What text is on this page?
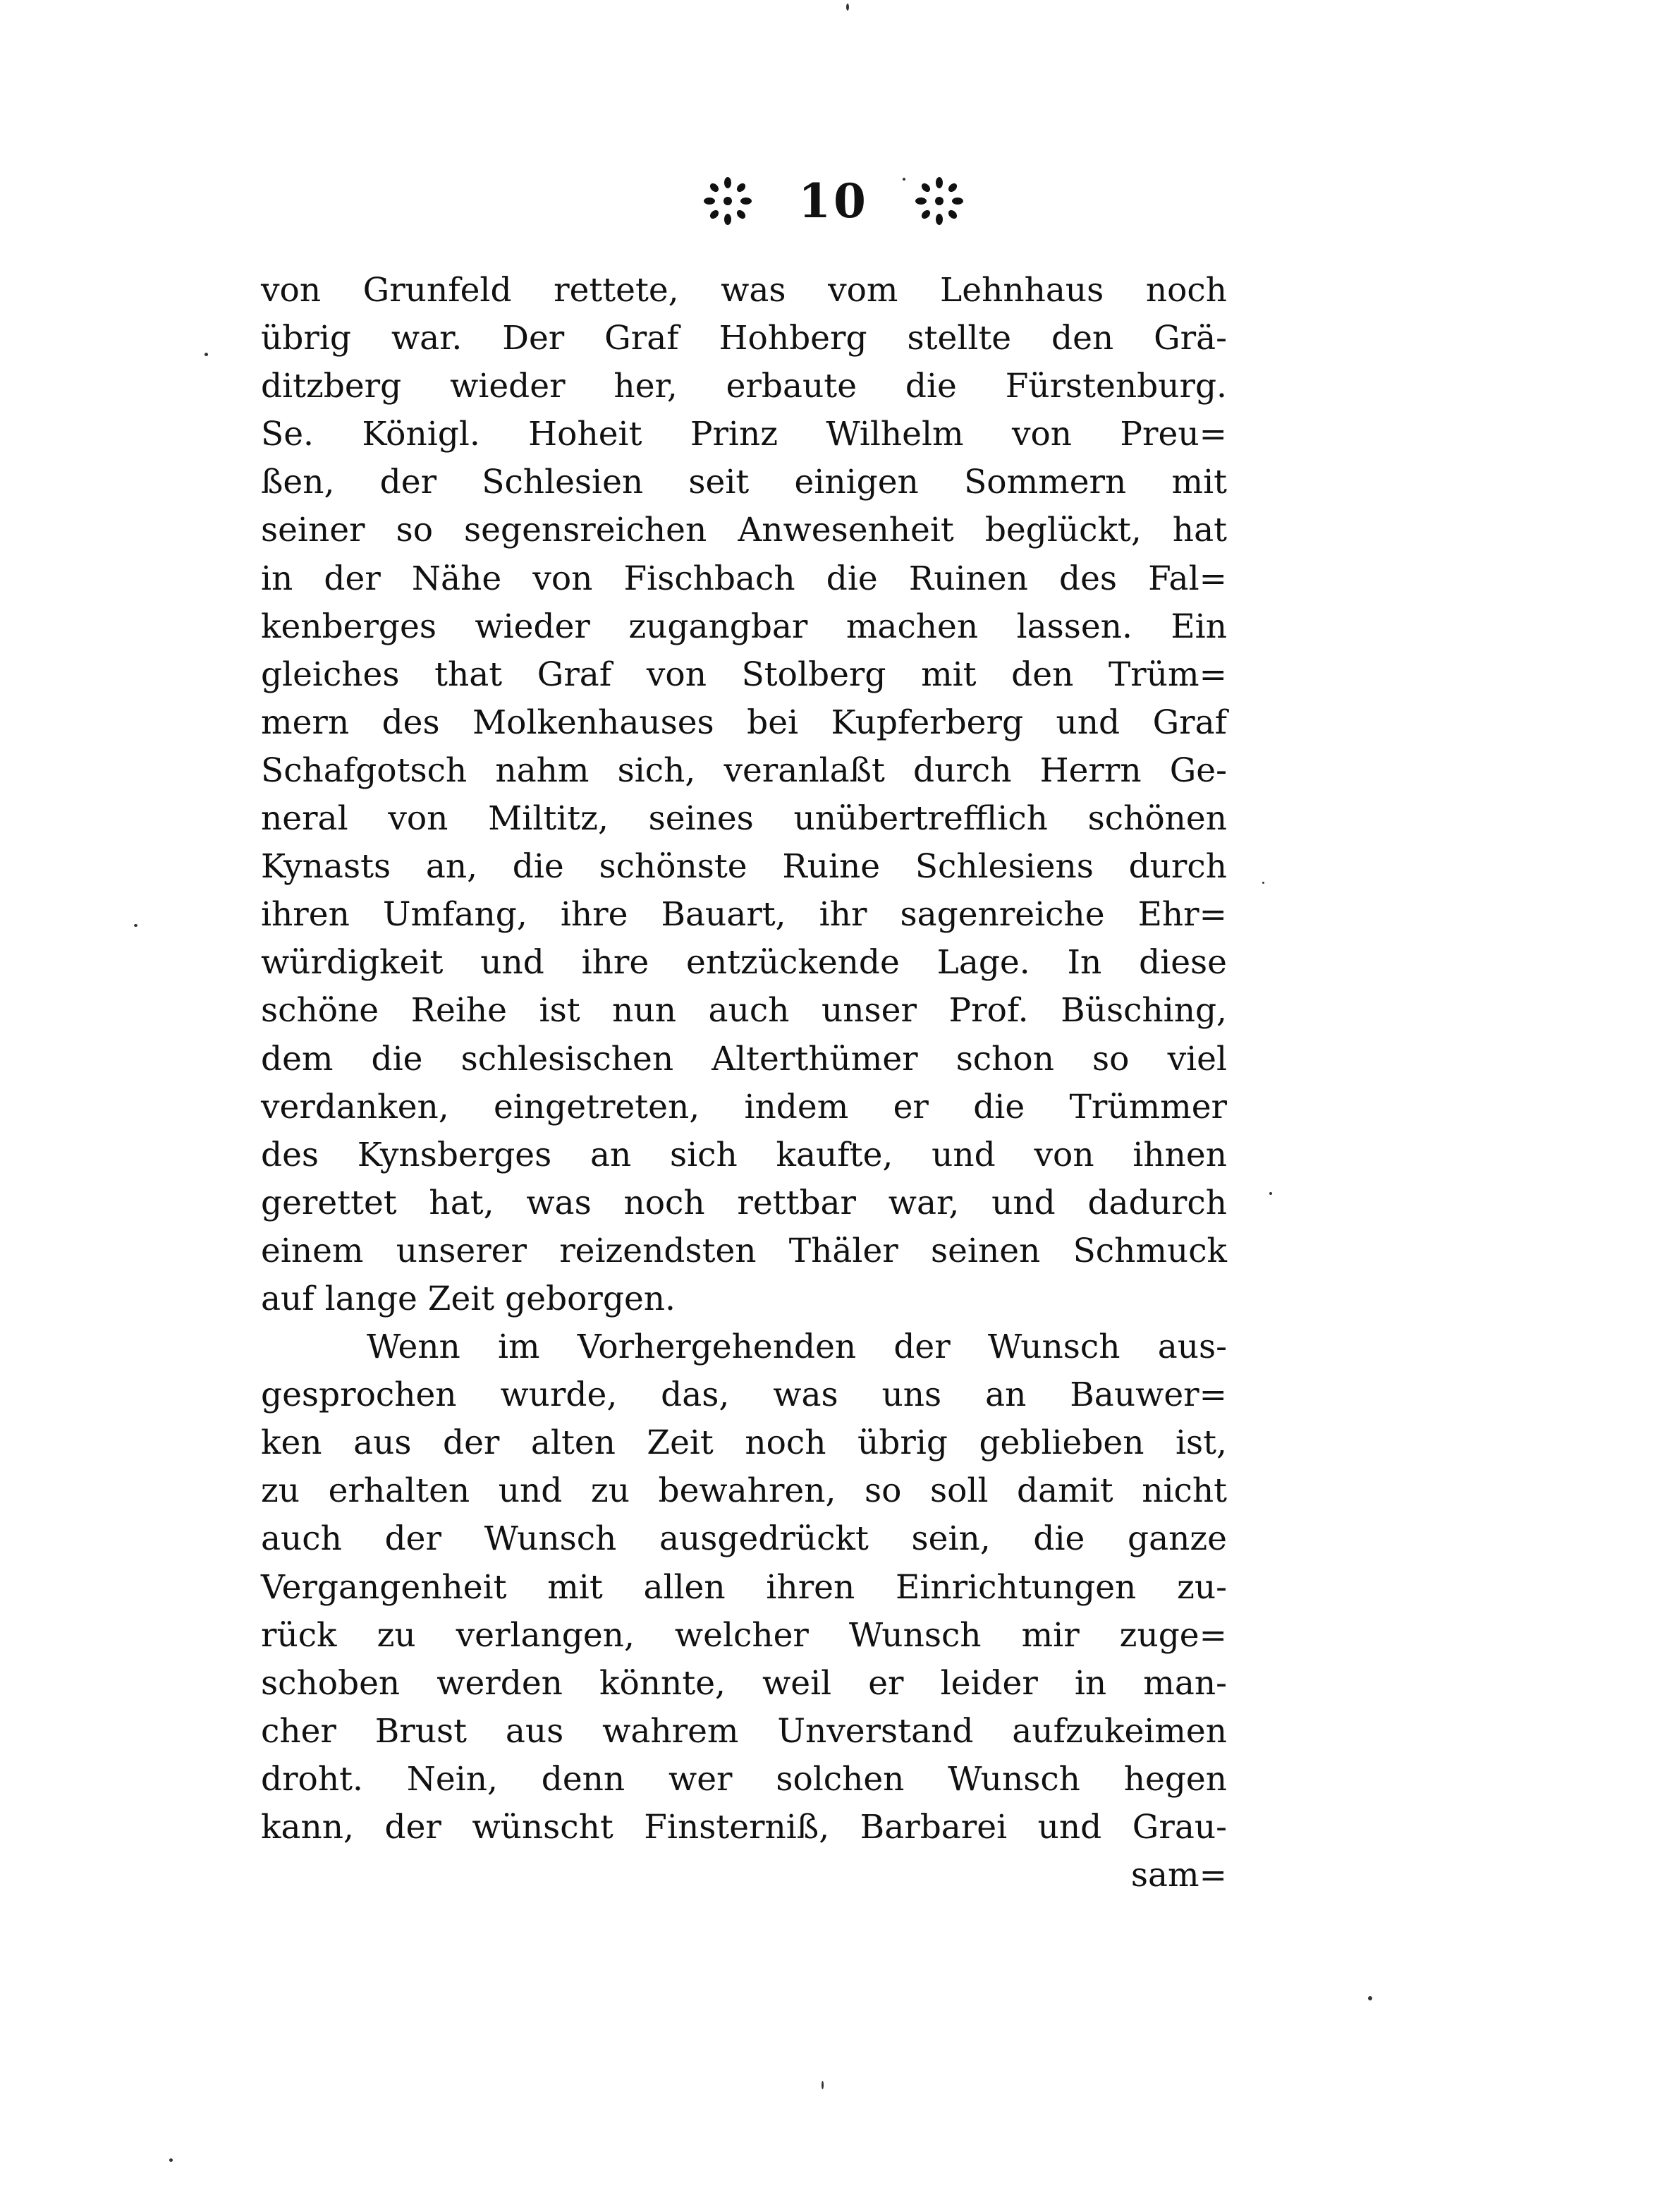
10
von Grunfeld rettete, was vom Lehnhaus noch
übrig war. Der Graf Hohberg stellte den Grä-
ditzberg wieder her, erbaute die Fürstenburg.
Se. Königl. Hoheit Prinz Wilhelm von Preu=
ßen, der Schlesien seit einigen Sommern mit
seiner so segensreichen Anwesenheit beglückt, hat
in der Nähe von Fischbach die Ruinen des Fal=
kenberges wieder zugangbar machen lassen. Ein
gleiches that Graf von Stolberg mit den Trüm=
mern des Molkenhauses bei Kupferberg und Graf
Schafgotsch nahm sich, veranlaßt durch Herrn Ge-
neral von Miltitz, seines unübertrefflich schönen
Kynasts an, die schönste Ruine Schlesiens durch
ihren Umfang, ihre Bauart, ihr sagenreiche Ehr=
würdigkeit und ihre entzückende Lage. In diese
schöne Reihe ist nun auch unser Prof. Büsching,
dem die schlesischen Alterthümer schon so viel
verdanken, eingetreten, indem er die Trümmer
des Kynsberges an sich kaufte, und von ihnen
gerettet hat, was noch rettbar war, und dadurch
einem unserer reizendsten Thäler seinen Schmuck
auf lange Zeit geborgen.
Wenn im Vorhergehenden der Wunsch aus-
gesprochen wurde, das, was uns an Bauwer=
ken aus der alten Zeit noch übrig geblieben ist,
zu erhalten und zu bewahren, so soll damit nicht
auch der Wunsch ausgedrückt sein, die ganze
Vergangenheit mit allen ihren Einrichtungen zu-
rück zu verlangen, welcher Wunsch mir zuge=
schoben werden könnte, weil er leider in man-
cher Brust aus wahrem Unverstand aufzukeimen
droht. Nein, denn wer solchen Wunsch hegen
kann, der wünscht Finsterniß, Barbarei und Grau-
sam=
